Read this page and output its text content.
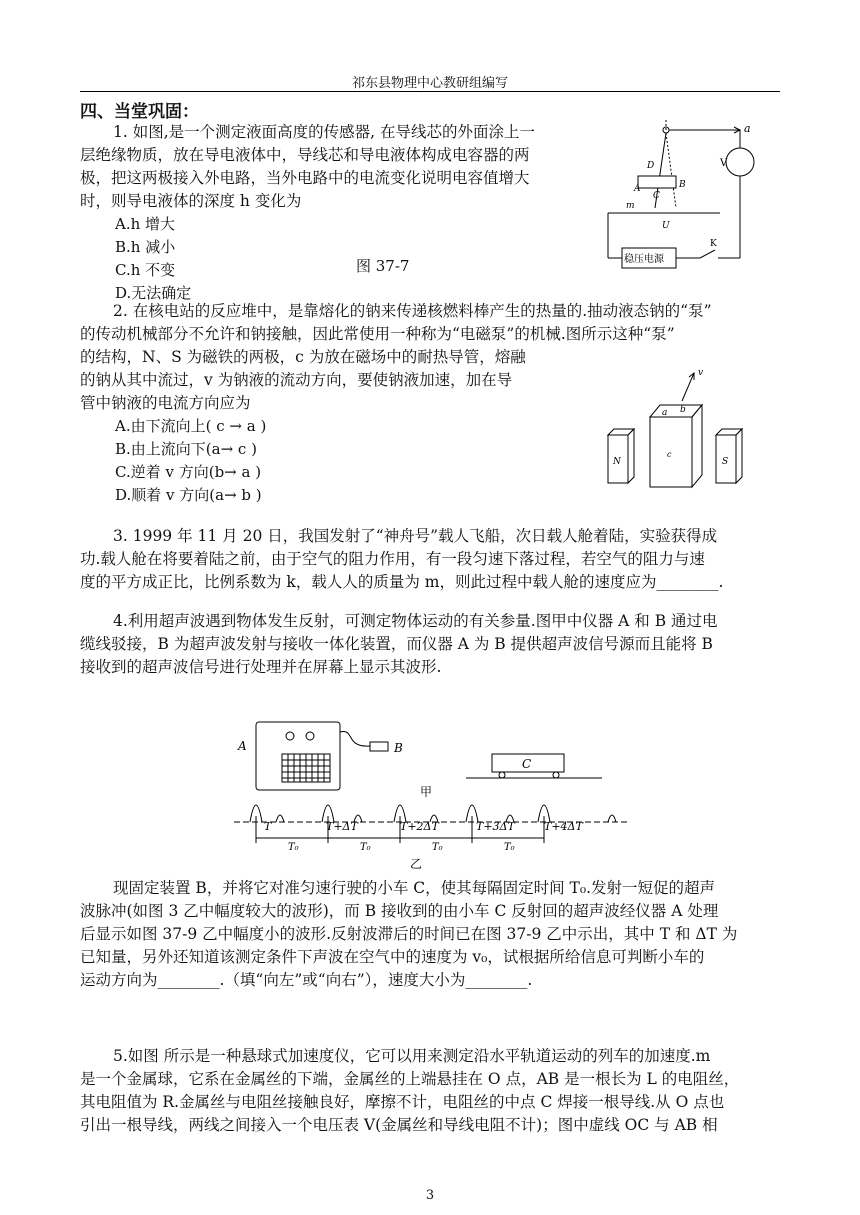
祁东县物理中心教研组编写
四、当堂巩固：
1. 如图,是一个测定液面高度的传感器, 在导线芯的外面涂上一
层绝缘物质，放在导电液体中，导线芯和导电液体构成电容器的两
极，把这两极接入外电路，当外电路中的电流变化说明电容值增大
时，则导电液体的深度 h 变化为
A.h 增大
B.h 减小
C.h 不变
D.无法确定
图 37-7
a
D
A	B
C
m
U
V
稳压电源
K
2. 在核电站的反应堆中，是靠熔化的钠来传递核燃料棒产生的热量的.抽动液态钠的“泵”
的传动机械部分不允许和钠接触，因此常使用一种称为“电磁泵”的机械.图所示这种“泵”
的结构，N、S 为磁铁的两极，c 为放在磁场中的耐热导管，熔融
的钠从其中流过，v 为钠液的流动方向，要使钠液加速，加在导
管中钠液的电流方向应为
A.由下流向上( c → a )
B.由上流向下(a→ c )
C.逆着 v 方向(b→ a )
D.顺着 v 方向(a→ b )
N
a b
c
v
S
3. 1999 年 11 月 20 日，我国发射了“神舟号”载人飞船，次日载人舱着陆，实验获得成
功.载人舱在将要着陆之前，由于空气的阻力作用，有一段匀速下落过程，若空气的阻力与速
度的平方成正比，比例系数为 k，载人人的质量为 m，则此过程中载人舱的速度应为________.
4.利用超声波遇到物体发生反射，可测定物体运动的有关参量.图甲中仪器 A 和 B 通过电
缆线驳接，B 为超声波发射与接收一体化装置，而仪器 A 为 B 提供超声波信号源而且能将 B
接收到的超声波信号进行处理并在屏幕上显示其波形.
A	B
C
甲
T	T+ΔT	T+2ΔT	T+3ΔT	T+4ΔT
T₀	T₀	T₀	T₀
乙
现固定装置 B，并将它对准匀速行驶的小车 C，使其每隔固定时间 T₀.发射一短促的超声
波脉冲(如图 3 乙中幅度较大的波形)，而 B 接收到的由小车 C 反射回的超声波经仪器 A 处理
后显示如图 37-9 乙中幅度小的波形.反射波滞后的时间已在图 37-9 乙中示出，其中 T 和 ΔT 为
已知量，另外还知道该测定条件下声波在空气中的速度为 v₀，试根据所给信息可判断小车的
运动方向为________.（填“向左”或“向右”），速度大小为________.
5.如图 所示是一种悬球式加速度仪，它可以用来测定沿水平轨道运动的列车的加速度.m
是一个金属球，它系在金属丝的下端，金属丝的上端悬挂在 O 点，AB 是一根长为 L 的电阻丝，
其电阻值为 R.金属丝与电阻丝接触良好，摩擦不计，电阻丝的中点 C 焊接一根导线.从 O 点也
引出一根导线，两线之间接入一个电压表 V(金属丝和导线电阻不计)；图中虚线 OC 与 AB 相
3
